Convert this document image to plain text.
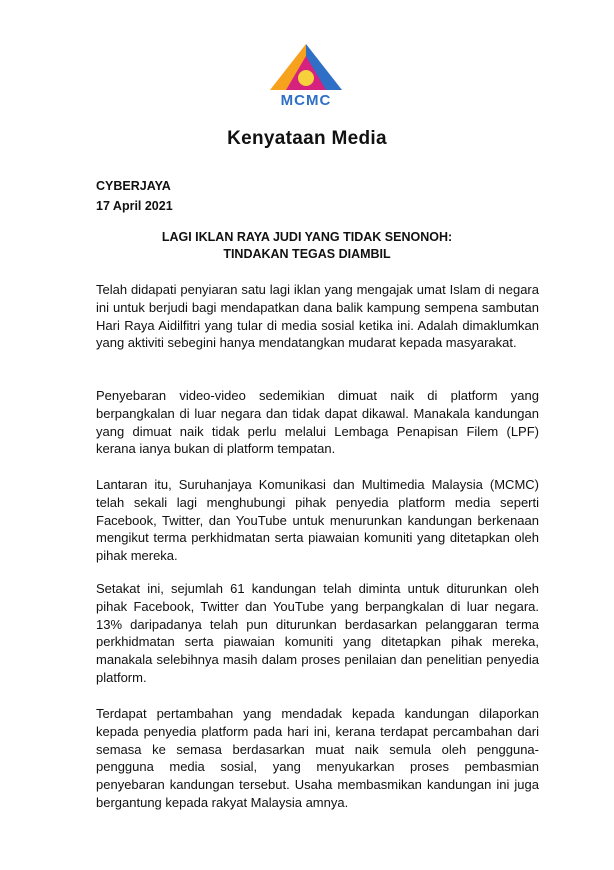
MCMC
Kenyataan Media
CYBERJAYA
17 April 2021
LAGI IKLAN RAYA JUDI YANG TIDAK SENONOH:
TINDAKAN TEGAS DIAMBIL
Telah didapati penyiaran satu lagi iklan yang mengajak umat Islam di negara ini untuk berjudi bagi mendapatkan dana balik kampung sempena sambutan Hari Raya Aidilfitri yang tular di media sosial ketika ini. Adalah dimaklumkan yang aktiviti sebegini hanya mendatangkan mudarat kepada masyarakat.
Penyebaran video-video sedemikian dimuat naik di platform yang berpangkalan di luar negara dan tidak dapat dikawal. Manakala kandungan yang dimuat naik tidak perlu melalui Lembaga Penapisan Filem (LPF) kerana ianya bukan di platform tempatan.
Lantaran itu, Suruhanjaya Komunikasi dan Multimedia Malaysia (MCMC) telah sekali lagi menghubungi pihak penyedia platform media seperti Facebook, Twitter, dan YouTube untuk menurunkan kandungan berkenaan mengikut terma perkhidmatan serta piawaian komuniti yang ditetapkan oleh pihak mereka.
Setakat ini, sejumlah 61 kandungan telah diminta untuk diturunkan oleh pihak Facebook, Twitter dan YouTube yang berpangkalan di luar negara. 13% daripadanya telah pun diturunkan berdasarkan pelanggaran terma perkhidmatan serta piawaian komuniti yang ditetapkan pihak mereka, manakala selebihnya masih dalam proses penilaian dan penelitian penyedia platform.
Terdapat pertambahan yang mendadak kepada kandungan dilaporkan kepada penyedia platform pada hari ini, kerana terdapat percambahan dari semasa ke semasa berdasarkan muat naik semula oleh pengguna-pengguna media sosial, yang menyukarkan proses pembasmian penyebaran kandungan tersebut. Usaha membasmikan kandungan ini juga bergantung kepada rakyat Malaysia amnya.
